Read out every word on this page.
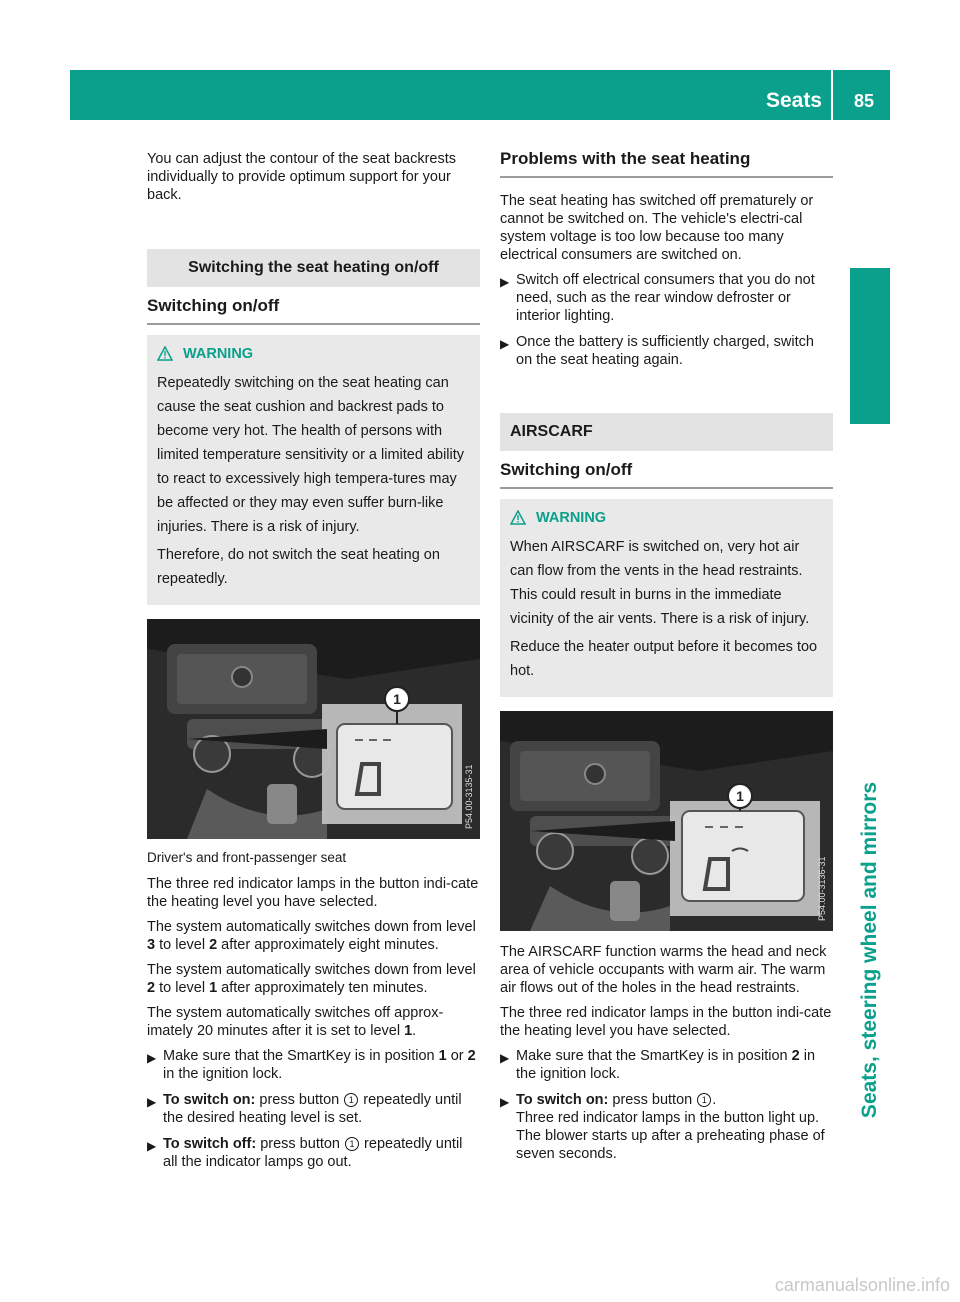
Seats	85
Seats, steering wheel and mirrors

You can adjust the contour of the seat backrests individually to provide optimum support for your back.

Switching the seat heating on/off
Switching on/off
WARNING

Repeatedly switching on the seat heating can cause the seat cushion and backrest pads to become very hot. The health of persons with limited temperature sensitivity or a limited ability to react to excessively high tempera-tures may be affected or they may even suffer burn-like injuries. There is a risk of injury.

Therefore, do not switch the seat heating on repeatedly.

1
P54.00-3135-31

Driver's and front-passenger seat

The three red indicator lamps in the button indi-cate the heating level you have selected.

The system automatically switches down from level 3 to level 2 after approximately eight minutes.

The system automatically switches down from level 2 to level 1 after approximately ten minutes.

The system automatically switches off approx-imately 20 minutes after it is set to level 1.

▶ Make sure that the SmartKey is in position 1 or 2 in the ignition lock.
▶ To switch on: press button 1 repeatedly until the desired heating level is set.
▶ To switch off: press button 1 repeatedly until all the indicator lamps go out.
Problems with the seat heating

The seat heating has switched off prematurely or cannot be switched on. The vehicle's electri-cal system voltage is too low because too many electrical consumers are switched on.

▶ Switch off electrical consumers that you do not need, such as the rear window defroster or interior lighting.
▶ Once the battery is sufficiently charged, switch on the seat heating again.
AIRSCARF
Switching on/off
WARNING

When AIRSCARF is switched on, very hot air can flow from the vents in the head restraints. This could result in burns in the immediate vicinity of the air vents. There is a risk of injury.

Reduce the heater output before it becomes too hot.

1
P54.00-3136-31

The AIRSCARF function warms the head and neck area of vehicle occupants with warm air. The warm air flows out of the holes in the head restraints.

The three red indicator lamps in the button indi-cate the heating level you have selected.

▶ Make sure that the SmartKey is in position 2 in the ignition lock.
▶ To switch on: press button 1 .
Three red indicator lamps in the button light up. The blower starts up after a preheating phase of seven seconds.
carmanualsonline.info
